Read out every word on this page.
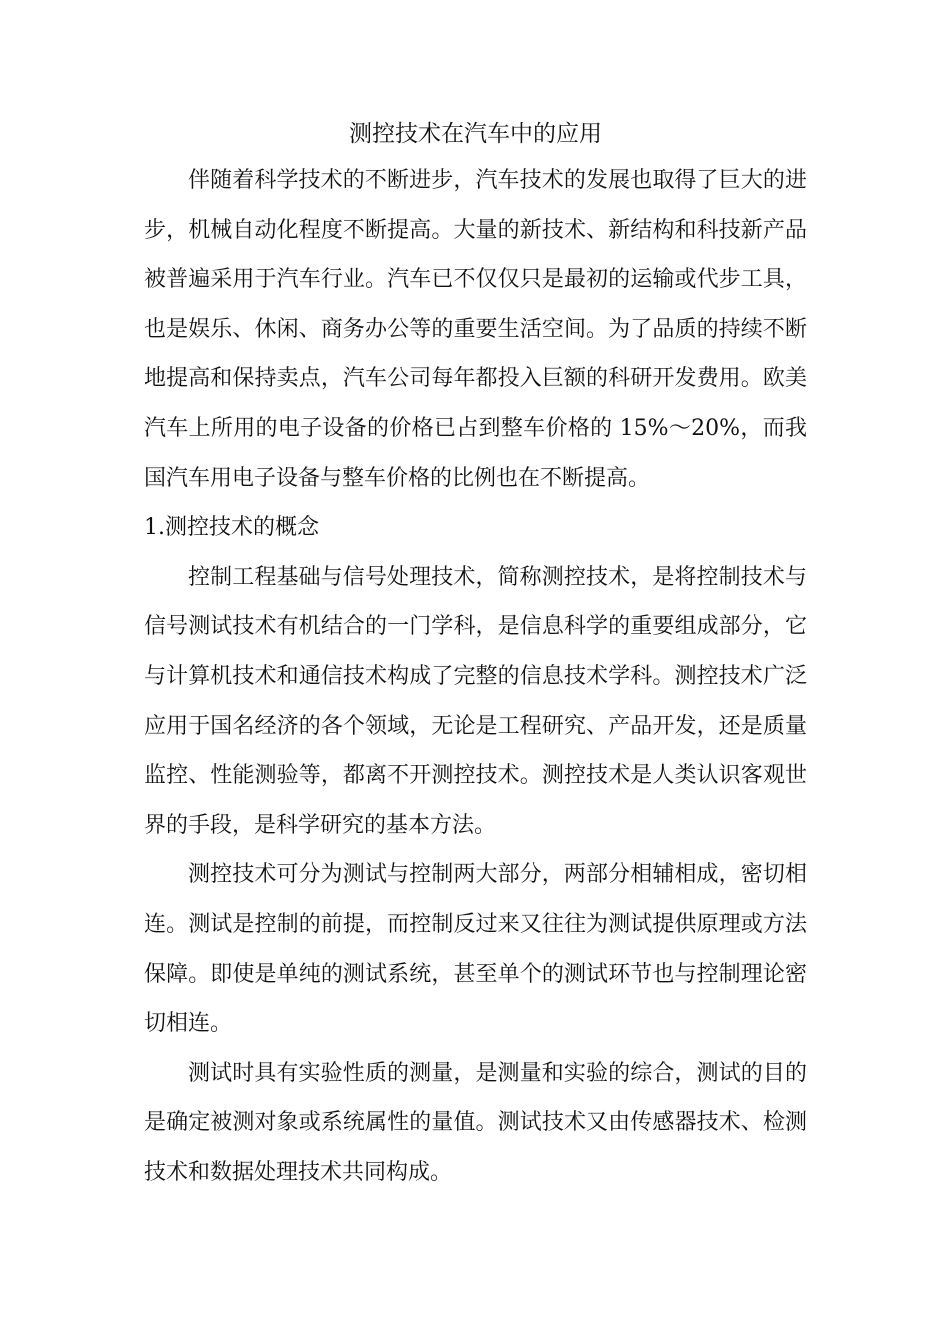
测控技术在汽车中的应用

伴随着科学技术的不断进步，汽车技术的发展也取得了巨大的进步，机械自动化程度不断提高。大量的新技术、新结构和科技新产品被普遍采用于汽车行业。汽车已不仅仅只是最初的运输或代步工具，也是娱乐、休闲、商务办公等的重要生活空间。为了品质的持续不断地提高和保持卖点，汽车公司每年都投入巨额的科研开发费用。欧美汽车上所用的电子设备的价格已占到整车价格的 15%～20%，而我国汽车用电子设备与整车价格的比例也在不断提高。

1.测控技术的概念

控制工程基础与信号处理技术，简称测控技术，是将控制技术与信号测试技术有机结合的一门学科，是信息科学的重要组成部分，它与计算机技术和通信技术构成了完整的信息技术学科。测控技术广泛应用于国名经济的各个领域，无论是工程研究、产品开发，还是质量监控、性能测验等，都离不开测控技术。测控技术是人类认识客观世界的手段，是科学研究的基本方法。

测控技术可分为测试与控制两大部分，两部分相辅相成，密切相连。测试是控制的前提，而控制反过来又往往为测试提供原理或方法保障。即使是单纯的测试系统，甚至单个的测试环节也与控制理论密切相连。

测试时具有实验性质的测量，是测量和实验的综合，测试的目的是确定被测对象或系统属性的量值。测试技术又由传感器技术、检测技术和数据处理技术共同构成。
